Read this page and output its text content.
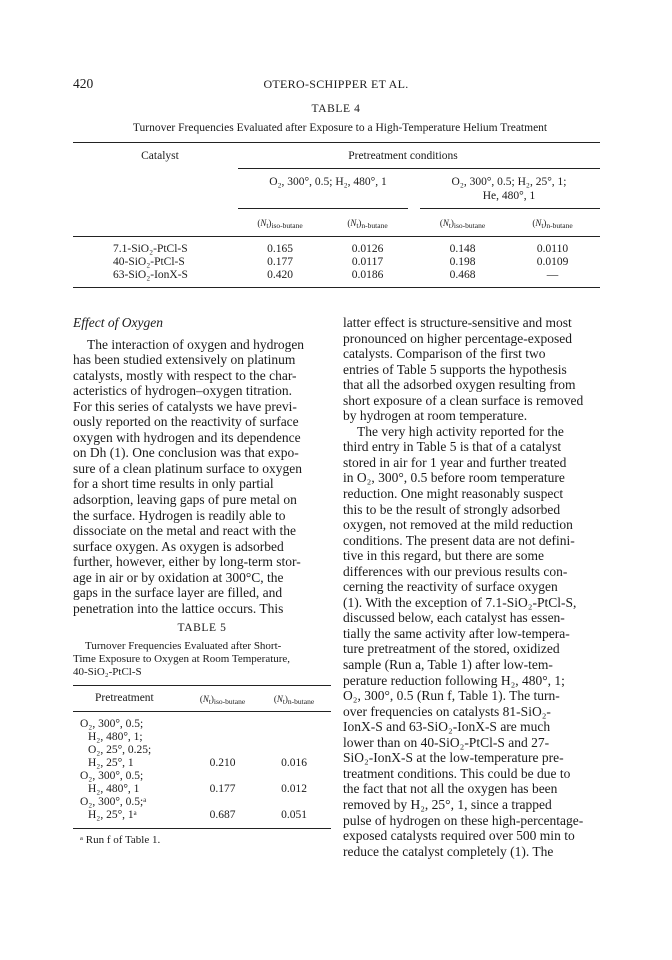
420	OTERO-SCHIPPER ET AL.
TABLE 4
Turnover Frequencies Evaluated after Exposure to a High-Temperature Helium Treatment
Catalyst	Pretreatment conditions
O₂, 300°, 0.5; H₂, 480°, 1	O₂, 300°, 0.5; H₂, 25°, 1;
He, 480°, 1
$(N_t)_{iso-butane}$	$(N_t)_{n-butane}$	$(N_t)_{iso-butane}$	$(N_t)_{n-butane}$
7.1-SiO₂-PtCl-S	0.165	0.0126	0.148	0.0110
40-SiO₂-PtCl-S	0.177	0.0117	0.198	0.0109
63-SiO₂-IonX-S	0.420	0.0186	0.468	—

Effect of Oxygen

The interaction of oxygen and hydrogen

has been studied extensively on platinum

catalysts, mostly with respect to the char-

acteristics of hydrogen–oxygen titration.

For this series of catalysts we have previ-

ously reported on the reactivity of surface

oxygen with hydrogen and its dependence

on Dh (1). One conclusion was that expo-

sure of a clean platinum surface to oxygen

for a short time results in only partial

adsorption, leaving gaps of pure metal on

the surface. Hydrogen is readily able to

dissociate on the metal and react with the

surface oxygen. As oxygen is adsorbed

further, however, either by long-term stor-

age in air or by oxidation at 300°C, the

gaps in the surface layer are filled, and

penetration into the lattice occurs. This

TABLE 5
Turnover Frequencies Evaluated after Short-
Time Exposure to Oxygen at Room Temperature,
40-SiO₂-PtCl-S
Pretreatment	$(N_t)_{iso-butane}$	$(N_t)_{n-butane}$
O₂, 300°, 0.5;
H₂, 480°, 1;
O₂, 25°, 0.25;
H₂, 25°, 1	0.210	0.016
O₂, 300°, 0.5;
H₂, 480°, 1	0.177	0.012
O₂, 300°, 0.5;ᵃ
H₂, 25°, 1ᵃ	0.687	0.051
ᵃ Run f of Table 1.

latter effect is structure-sensitive and most

pronounced on higher percentage-exposed

catalysts. Comparison of the first two

entries of Table 5 supports the hypothesis

that all the adsorbed oxygen resulting from

short exposure of a clean surface is removed

by hydrogen at room temperature.

The very high activity reported for the

third entry in Table 5 is that of a catalyst

stored in air for 1 year and further treated

in O₂, 300°, 0.5 before room temperature

reduction. One might reasonably suspect

this to be the result of strongly adsorbed

oxygen, not removed at the mild reduction

conditions. The present data are not defini-

tive in this regard, but there are some

differences with our previous results con-

cerning the reactivity of surface oxygen

(1). With the exception of 7.1-SiO₂-PtCl-S,

discussed below, each catalyst has essen-

tially the same activity after low-tempera-

ture pretreatment of the stored, oxidized

sample (Run a, Table 1) after low-tem-

perature reduction following H₂, 480°, 1;

O₂, 300°, 0.5 (Run f, Table 1). The turn-

over frequencies on catalysts 81-SiO₂-

IonX-S and 63-SiO₂-IonX-S are much

lower than on 40-SiO₂-PtCl-S and 27-

SiO₂-IonX-S at the low-temperature pre-

treatment conditions. This could be due to

the fact that not all the oxygen has been

removed by H₂, 25°, 1, since a trapped

pulse of hydrogen on these high-percentage-

exposed catalysts required over 500 min to

reduce the catalyst completely (1). The
